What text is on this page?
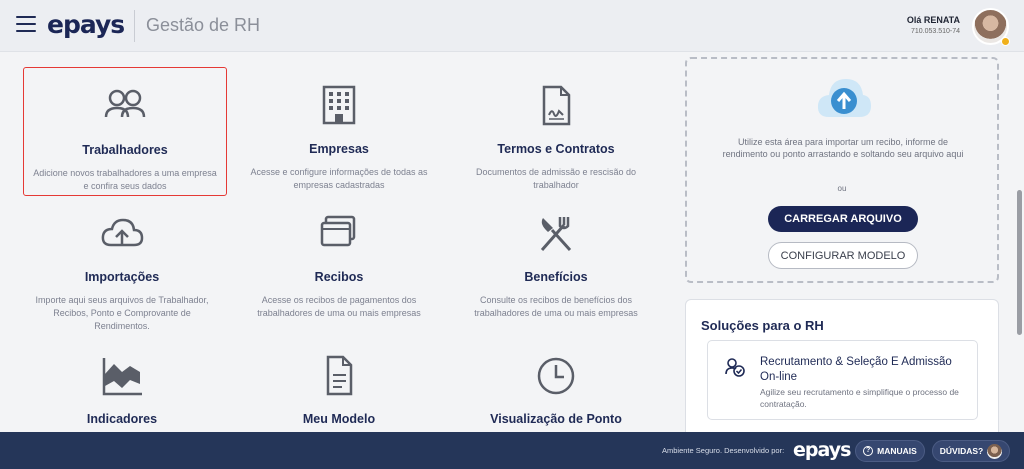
epays Gestão de RH	Olá RENATA
710.053.510-74
Trabalhadores
Adicione novos trabalhadores a uma empresa e confira seus dados
Empresas
Acesse e configure informações de todas as empresas cadastradas
Termos e Contratos
Documentos de admissão e rescisão do trabalhador
Importações
Importe aqui seus arquivos de Trabalhador, Recibos, Ponto e Comprovante de Rendimentos.
Recibos
Acesse os recibos de pagamentos dos trabalhadores de uma ou mais empresas
Benefícios
Consulte os recibos de benefícios dos trabalhadores de uma ou mais empresas
Indicadores	Meu Modelo	Visualização de Ponto
Utilize esta área para importar um recibo, informe de rendimento ou ponto arrastando e soltando seu arquivo aqui
ou
CARREGAR ARQUIVO
CONFIGURAR MODELO
Soluções para o RH
Recrutamento & Seleção E Admissão On-line
Agilize seu recrutamento e simplifique o processo de contratação.
Ambiente Seguro. Desenvolvido por: epays	? MANUAIS	DÚVIDAS?
